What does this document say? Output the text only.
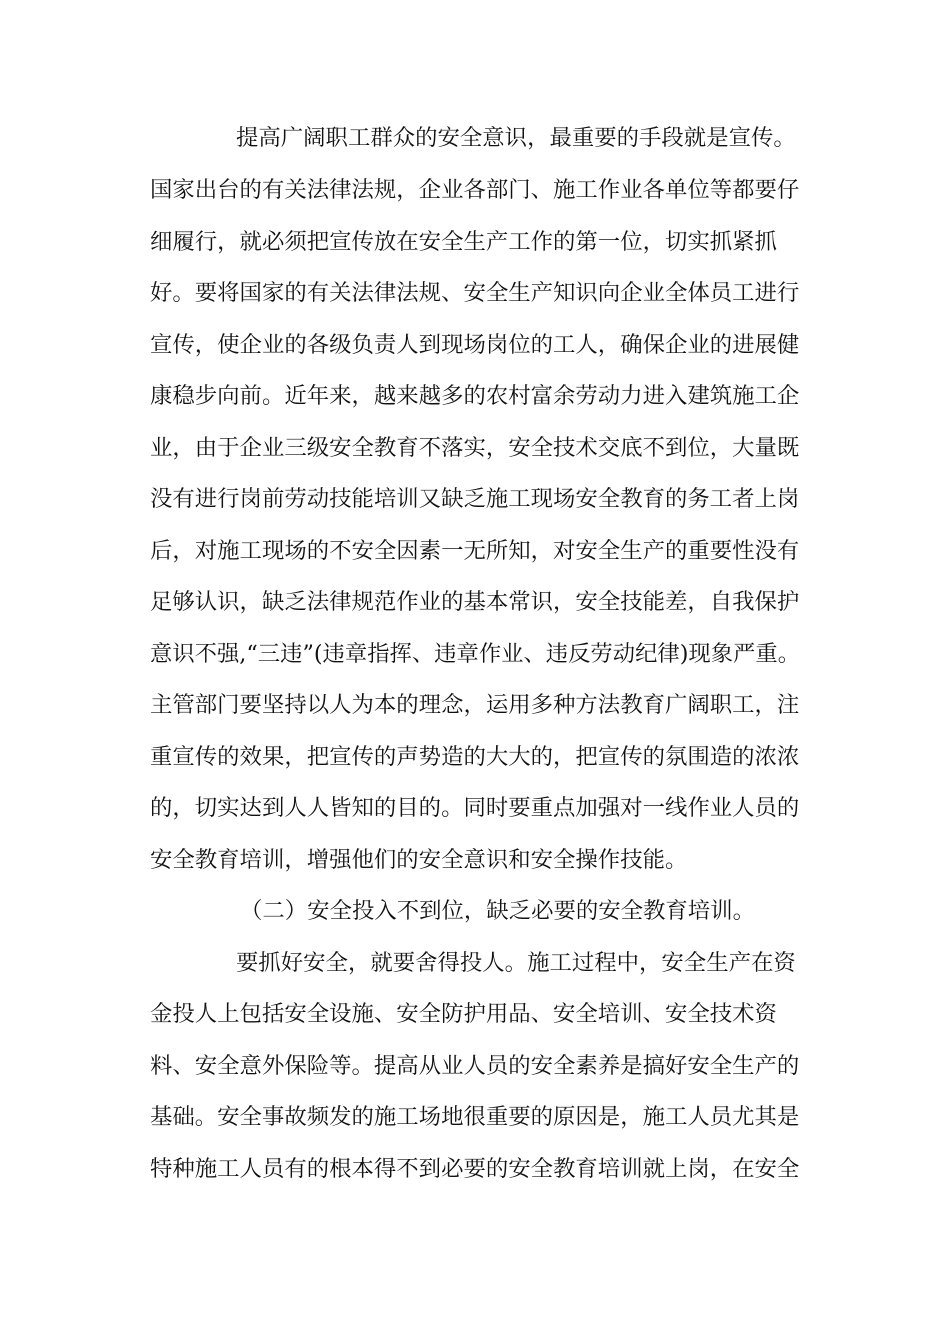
提高广阔职工群众的安全意识，最重要的手段就是宣传。
国家出台的有关法律法规，企业各部门、施工作业各单位等都要仔
细履行，就必须把宣传放在安全生产工作的第一位，切实抓紧抓
好。要将国家的有关法律法规、安全生产知识向企业全体员工进行
宣传，使企业的各级负责人到现场岗位的工人，确保企业的进展健
康稳步向前。近年来，越来越多的农村富余劳动力进入建筑施工企
业，由于企业三级安全教育不落实，安全技术交底不到位，大量既
没有进行岗前劳动技能培训又缺乏施工现场安全教育的务工者上岗
后，对施工现场的不安全因素一无所知，对安全生产的重要性没有
足够认识，缺乏法律规范作业的基本常识，安全技能差，自我保护
意识不强,“三违”(违章指挥、违章作业、违反劳动纪律)现象严重。
主管部门要坚持以人为本的理念，运用多种方法教育广阔职工，注
重宣传的效果，把宣传的声势造的大大的，把宣传的氛围造的浓浓
的，切实达到人人皆知的目的。同时要重点加强对一线作业人员的
安全教育培训，增强他们的安全意识和安全操作技能。
（二）安全投入不到位，缺乏必要的安全教育培训。
要抓好安全，就要舍得投人。施工过程中，安全生产在资
金投人上包括安全设施、安全防护用品、安全培训、安全技术资
料、安全意外保险等。提高从业人员的安全素养是搞好安全生产的
基础。安全事故频发的施工场地很重要的原因是，施工人员尤其是
特种施工人员有的根本得不到必要的安全教育培训就上岗，在安全
